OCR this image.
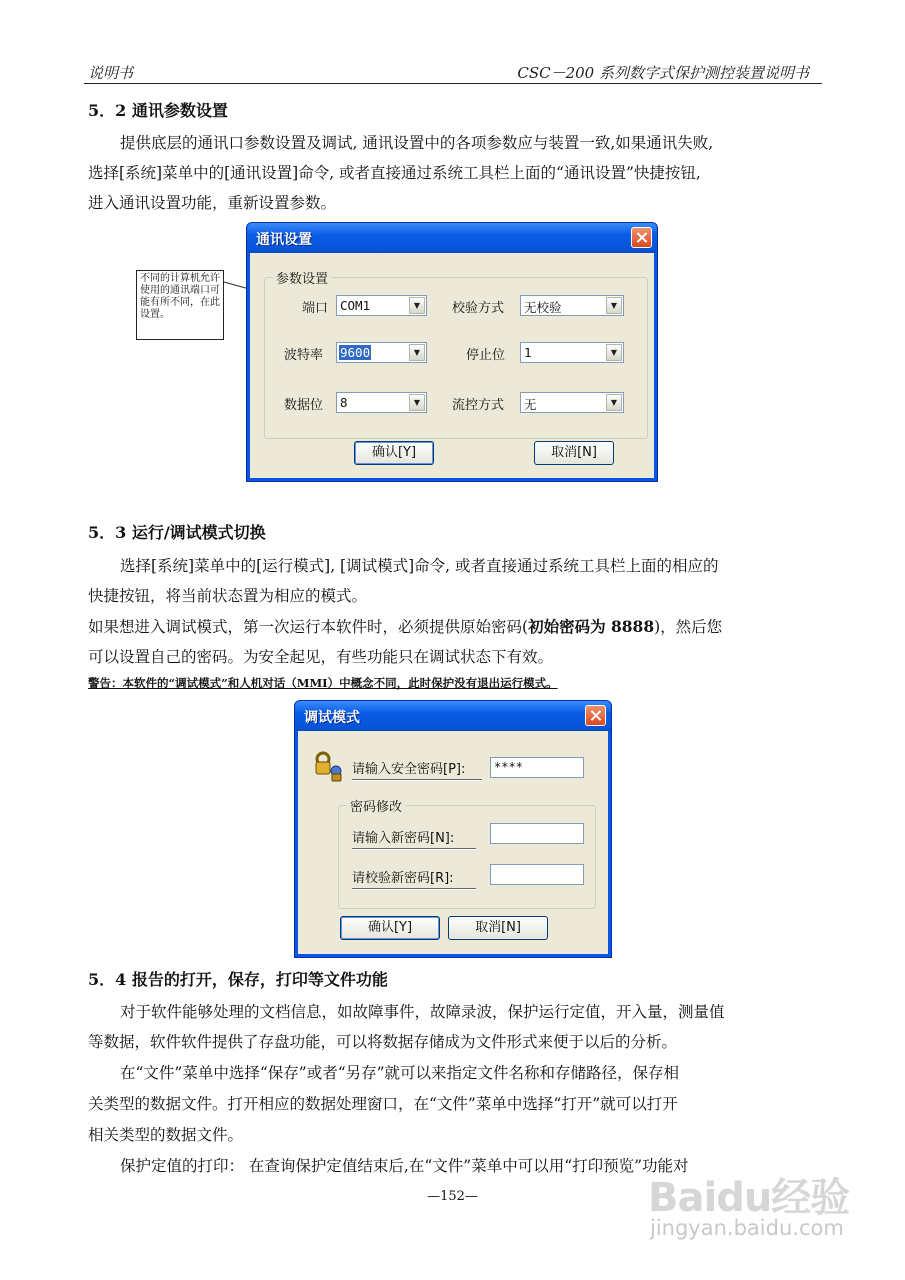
说明书	CSC－200 系列数字式保护测控装置说明书
5．2 通讯参数设置
提供底层的通讯口参数设置及调试, 通讯设置中的各项参数应与装置一致,如果通讯失败,
选择[系统]菜单中的[通讯设置]命令, 或者直接通过系统工具栏上面的“通讯设置”快捷按钮,
进入通讯设置功能，重新设置参数。
不同的计算机允许使用的通讯端口可能有所不同，在此设置。
通讯设置
参数设置
端口 COM1	▼	校验方式 无校验	▼
波特率 9600	▼	停止位 1	▼
数据位 8	▼	流控方式 无	▼
确认[Y]	取消[N]
5．3 运行/调试模式切换
选择[系统]菜单中的[运行模式], [调试模式]命令, 或者直接通过系统工具栏上面的相应的
快捷按钮，将当前状态置为相应的模式。
如果想进入调试模式，第一次运行本软件时，必须提供原始密码(初始密码为 8888)，然后您
可以设置自己的密码。为安全起见，有些功能只在调试状态下有效。
警告：本软件的“调试模式”和人机对话（MMI）中概念不同，此时保护没有退出运行模式。
调试模式
请输入安全密码[P]:	****
密码修改
请输入新密码[N]:
请校验新密码[R]:
确认[Y]	取消[N]
5．4 报告的打开，保存，打印等文件功能
对于软件能够处理的文档信息，如故障事件，故障录波，保护运行定值，开入量，测量值
等数据，软件软件提供了存盘功能，可以将数据存储成为文件形式来便于以后的分析。
在“文件”菜单中选择“保存”或者“另存”就可以来指定文件名称和存储路径，保存相
关类型的数据文件。打开相应的数据处理窗口，在“文件”菜单中选择“打开”就可以打开
相关类型的数据文件。
保护定值的打印： 在查询保护定值结束后,在“文件”菜单中可以用“打印预览”功能对
—152—	Baidu经验
jingyan.baidu.com
